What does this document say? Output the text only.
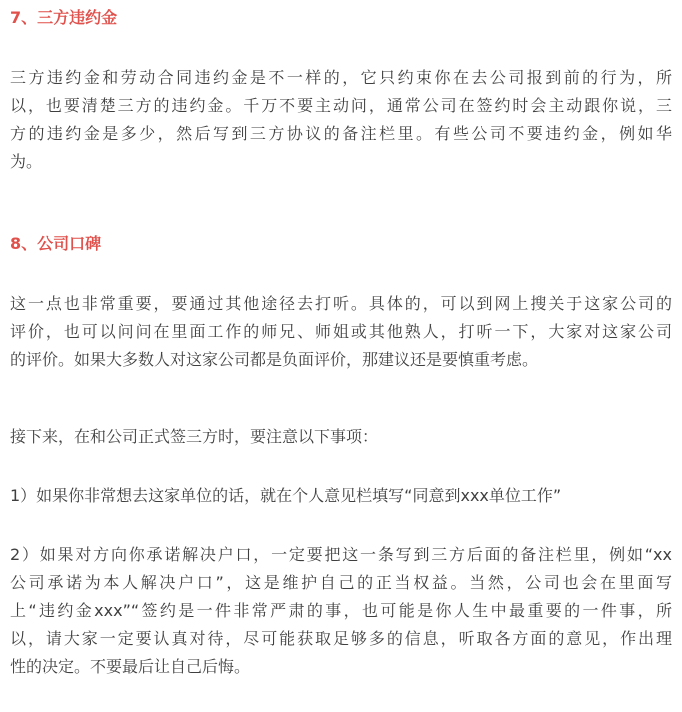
7、三方违约金
三方违约金和劳动合同违约金是不一样的，它只约束你在去公司报到前的行为，所
以，也要清楚三方的违约金。千万不要主动问，通常公司在签约时会主动跟你说，三
方的违约金是多少，然后写到三方协议的备注栏里。有些公司不要违约金，例如华
为。
8、公司口碑
这一点也非常重要，要通过其他途径去打听。具体的，可以到网上搜关于这家公司的
评价，也可以问问在里面工作的师兄、师姐或其他熟人，打听一下，大家对这家公司
的评价。如果大多数人对这家公司都是负面评价，那建议还是要慎重考虑。
接下来，在和公司正式签三方时，要注意以下事项：
1）如果你非常想去这家单位的话，就在个人意见栏填写“同意到xxx单位工作”
2）如果对方向你承诺解决户口，一定要把这一条写到三方后面的备注栏里，例如“xx
公司承诺为本人解决户口”，这是维护自己的正当权益。当然，公司也会在里面写
上“违约金xxx”“签约是一件非常严肃的事，也可能是你人生中最重要的一件事，所
以，请大家一定要认真对待，尽可能获取足够多的信息，听取各方面的意见，作出理
性的决定。不要最后让自己后悔。
